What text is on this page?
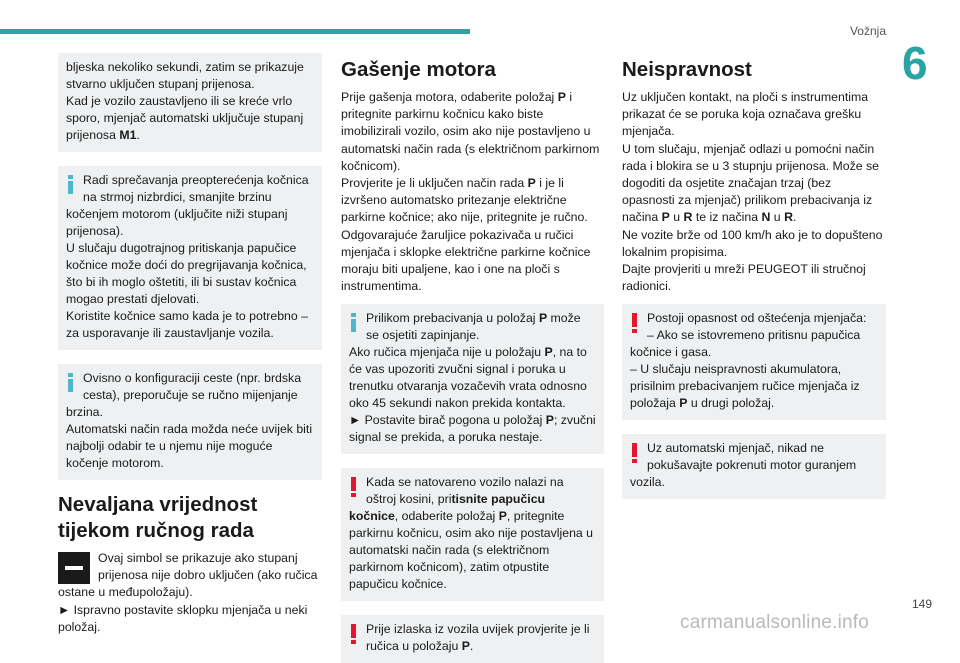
Vožnja
6

bljeska nekoliko sekundi, zatim se prikazuje stvarno uključen stupanj prijenosa.

Kad je vozilo zaustavljeno ili se kreće vrlo sporo, mjenjač automatski uključuje stupanj prijenosa M1.

Radi sprečavanja preopterećenja kočnica na strmoj nizbrdici, smanjite brzinu kočenjem motorom (uključite niži stupanj prijenosa).

U slučaju dugotrajnog pritiskanja papučice kočnice može doći do pregrijavanja kočnica, što bi ih moglo oštetiti, ili bi sustav kočnica mogao prestati djelovati.

Koristite kočnice samo kada je to potrebno – za usporavanje ili zaustavljanje vozila.

Ovisno o konfiguraciji ceste (npr. brdska cesta), preporučuje se ručno mijenjanje brzina.

Automatski način rada možda neće uvijek biti najbolji odabir te u njemu nije moguće kočenje motorom.

Nevaljana vrijednost tijekom ručnog rada

Ovaj simbol se prikazuje ako stupanj prijenosa nije dobro uključen (ako ručica ostane u međupoložaju).

► Ispravno postavite sklopku mjenjača u neki položaj.

Gašenje motora

Prije gašenja motora, odaberite položaj P i pritegnite parkirnu kočnicu kako biste imobilizirali vozilo, osim ako nije postavljeno u automatski način rada (s električnom parkirnom kočnicom).

Provjerite je li uključen način rada P i je li izvršeno automatsko pritezanje električne parkirne kočnice; ako nije, pritegnite je ručno.

Odgovarajuće žaruljice pokazivača u ručici mjenjača i sklopke električne parkirne kočnice moraju biti upaljene, kao i one na ploči s instrumentima.

Prilikom prebacivanja u položaj P može se osjetiti zapinjanje.

Ako ručica mjenjača nije u položaju P, na to će vas upozoriti zvučni signal i poruka u trenutku otvaranja vozačevih vrata odnosno oko 45 sekundi nakon prekida kontakta.

► Postavite birač pogona u položaj P; zvučni signal se prekida, a poruka nestaje.

Kada se natovareno vozilo nalazi na oštroj kosini, pritisnite papučicu kočnice, odaberite položaj P, pritegnite parkirnu kočnicu, osim ako nije postavljena u automatski način rada (s električnom parkirnom kočnicom), zatim otpustite papučicu kočnice.

Prije izlaska iz vozila uvijek provjerite je li ručica u položaju P.

Neispravnost

Uz uključen kontakt, na ploči s instrumentima prikazat će se poruka koja označava grešku mjenjača.

U tom slučaju, mjenjač odlazi u pomoćni način rada i blokira se u 3 stupnju prijenosa. Može se dogoditi da osjetite značajan trzaj (bez opasnosti za mjenjač) prilikom prebacivanja iz načina P u R te iz načina N u R.

Ne vozite brže od 100 km/h ako je to dopušteno lokalnim propisima.

Dajte provjeriti u mreži PEUGEOT ili stručnoj radionici.

Postoji opasnost od oštećenja mjenjača:

– Ako se istovremeno pritisnu papučica kočnice i gasa.

– U slučaju neispravnosti akumulatora, prisilnim prebacivanjem ručice mjenjača iz položaja P u drugi položaj.

Uz automatski mjenjač, nikad ne pokušavajte pokrenuti motor guranjem vozila.

149
carmanualsonline.info
